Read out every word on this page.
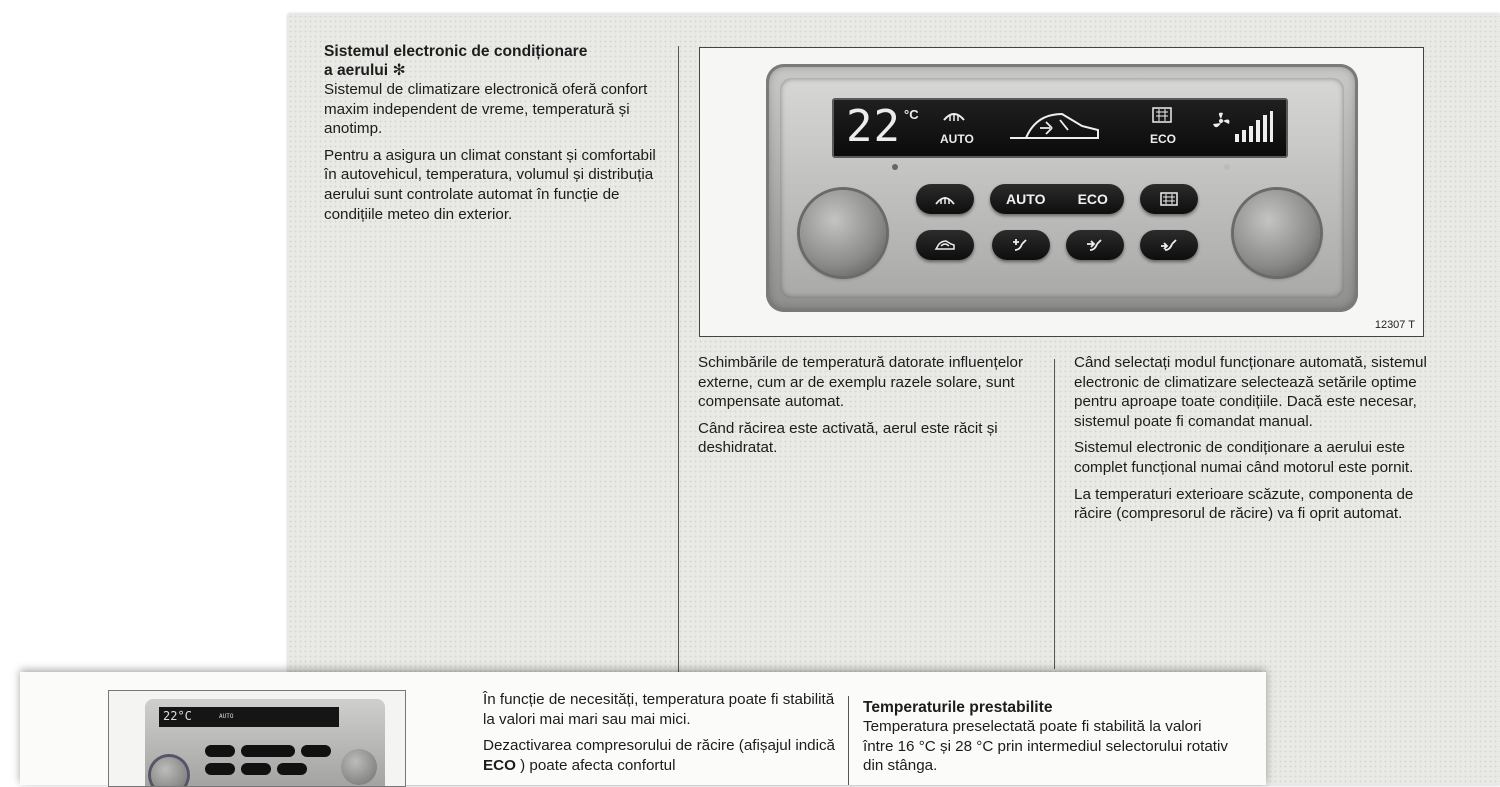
Sistemul electronic de condiționare
a aerului ✻

Sistemul de climatizare electronică oferă confort maxim independent de vreme, temperatură și anotimp.

Pentru a asigura un climat constant și comfortabil în autovehicul, temperatura, volumul și distribuția aerului sunt controlate automat în funcție de condițiile meteo din exterior.

22 °C
AUTO	ECO
AUTO ECO
12307 T

Schimbările de temperatură datorate influențelor externe, cum ar de exemplu razele solare, sunt compensate automat.

Când răcirea este activată, aerul este răcit și deshidratat.

Când selectați modul funcționare automată, sistemul electronic de climatizare selectează setările optime pentru aproape toate condițiile. Dacă este necesar, sistemul poate fi comandat manual.

Sistemul electronic de condiționare a aerului este complet funcțional numai când motorul este pornit.

La temperaturi exterioare scăzute, componenta de răcire (compresorul de răcire) va fi oprit automat.

22°C	AUTO

În funcție de necesități, temperatura poate fi stabilită la valori mai mari sau mai mici.

Dezactivarea compresorului de răcire (afișajul indică ECO ) poate afecta confortul

Temperaturile prestabilite

Temperatura preselectată poate fi stabilită la valori între 16 °C și 28 °C prin intermediul selectorului rotativ din stânga.
